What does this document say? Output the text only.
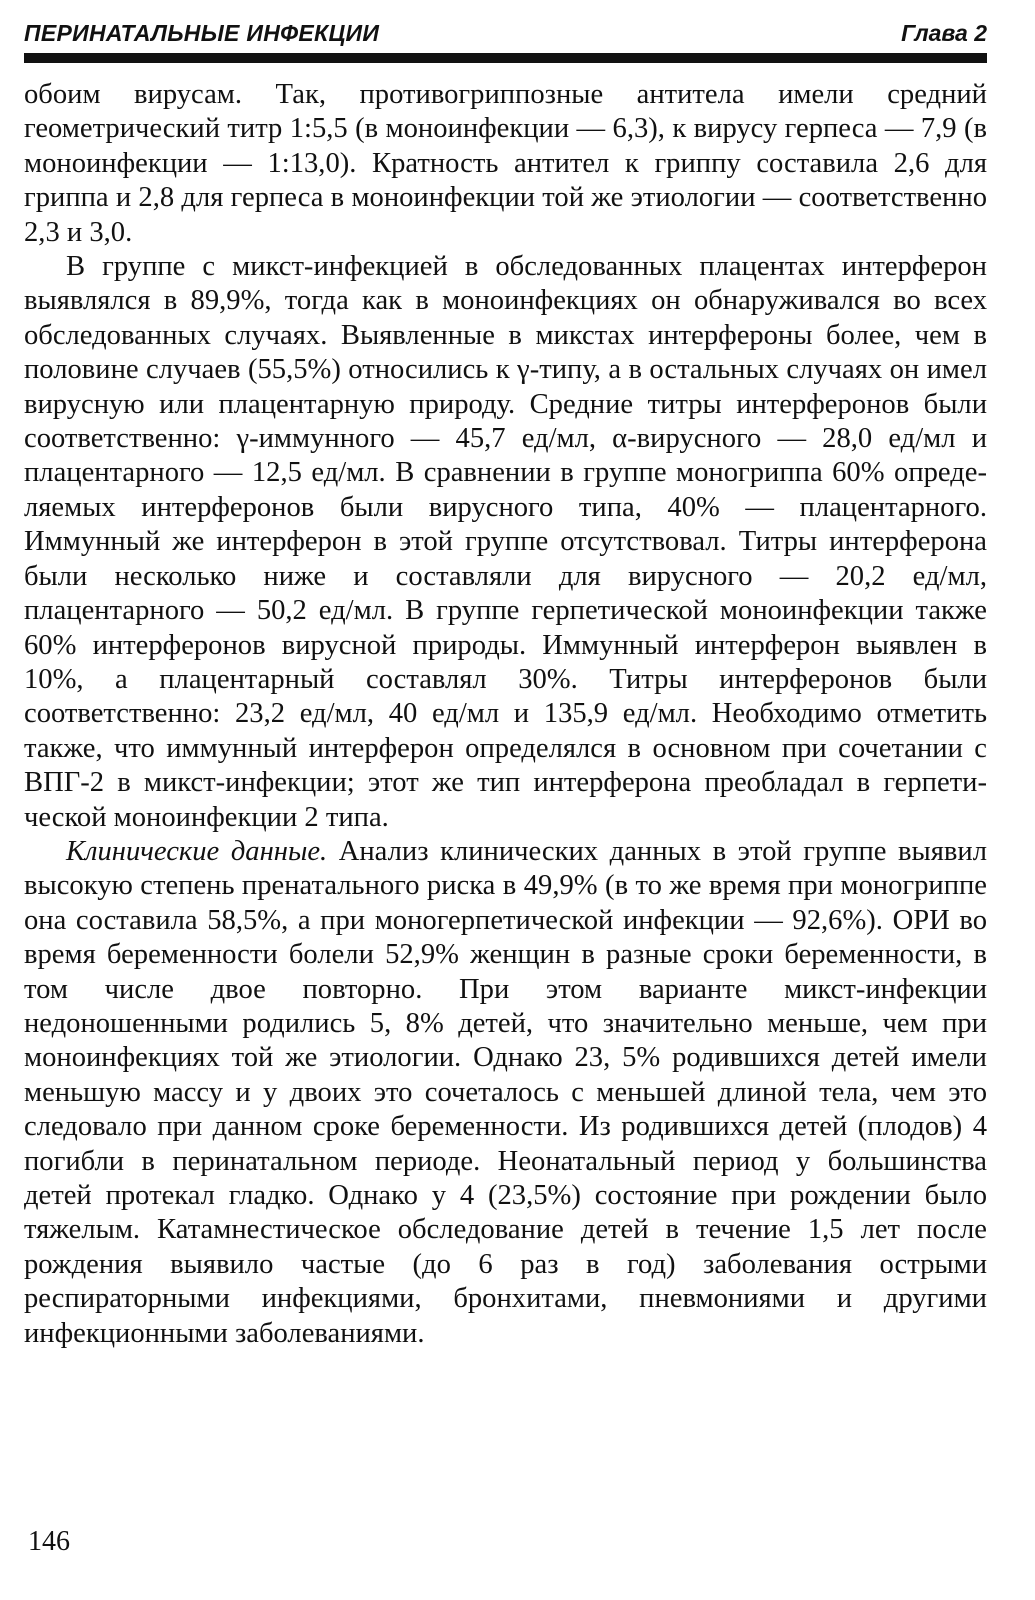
ПЕРИНАТАЛЬНЫЕ ИНФЕКЦИИ	Глава 2

обоим вирусам. Так, противогриппозные антитела имели средний геометрический титр 1:5,5 (в моноинфекции — 6,3), к вирусу герпеса — 7,9 (в моноинфекции — 1:13,0). Кратность антител к гриппу составила 2,6 для гриппа и 2,8 для герпеса в моноинфекции той же этиологии — соответственно 2,3 и 3,0.

В группе с микст-инфекцией в обследованных плацентах интерферон выявлялся в 89,9%, тогда как в моноинфекциях он обнаруживался во всех обследованных случаях. Выявленные в микстах интерфероны более, чем в половине случаев (55,5%) относились к γ-типу, а в остальных случаях он имел вирусную или плацентарную природу. Средние титры интерферонов были соответственно: γ-иммунного — 45,7 ед/мл, α-вирусного — 28,0 ед/мл и плацентарного — 12,5 ед/мл. В сравнении в группе моногриппа 60% определяемых интерферонов были вирусного типа, 40% — плацентарного. Иммунный же интерферон в этой группе отсутствовал. Титры интерферона были несколько ниже и составляли для вирусного — 20,2 ед/мл, плацентарного — 50,2 ед/мл. В группе герпетической моноинфекции также 60% интерферонов вирусной природы. Иммунный интерферон выявлен в 10%, а плацентарный составлял 30%. Титры интерферонов были соответственно: 23,2 ед/мл, 40 ед/мл и 135,9 ед/мл. Необходимо отметить также, что иммунный интерферон определялся в основном при сочетании с ВПГ-2 в микст-инфекции; этот же тип интерферона преобладал в герпетической моноинфекции 2 типа.

Клинические данные. Анализ клинических данных в этой группе выявил высокую степень пренатального риска в 49,9% (в то же время при моногриппе она составила 58,5%, а при моногерпетической инфекции — 92,6%). ОРИ во время беременности болели 52,9% женщин в разные сроки беременности, в том числе двое повторно. При этом варианте микст-инфекции недоношенными родились 5, 8% детей, что значительно меньше, чем при моноинфекциях той же этиологии. Однако 23, 5% родившихся детей имели меньшую массу и у двоих это сочеталось с меньшей длиной тела, чем это следовало при данном сроке беременности. Из родившихся детей (плодов) 4 погибли в перинатальном периоде. Неонатальный период у большинства детей протекал гладко. Однако у 4 (23,5%) состояние при рождении было тяжелым. Катамнестическое обследование детей в течение 1,5 лет после рождения выявило частые (до 6 раз в год) заболевания острыми респираторными инфекциями, бронхитами, пневмониями и другими инфекционными заболеваниями.

146
